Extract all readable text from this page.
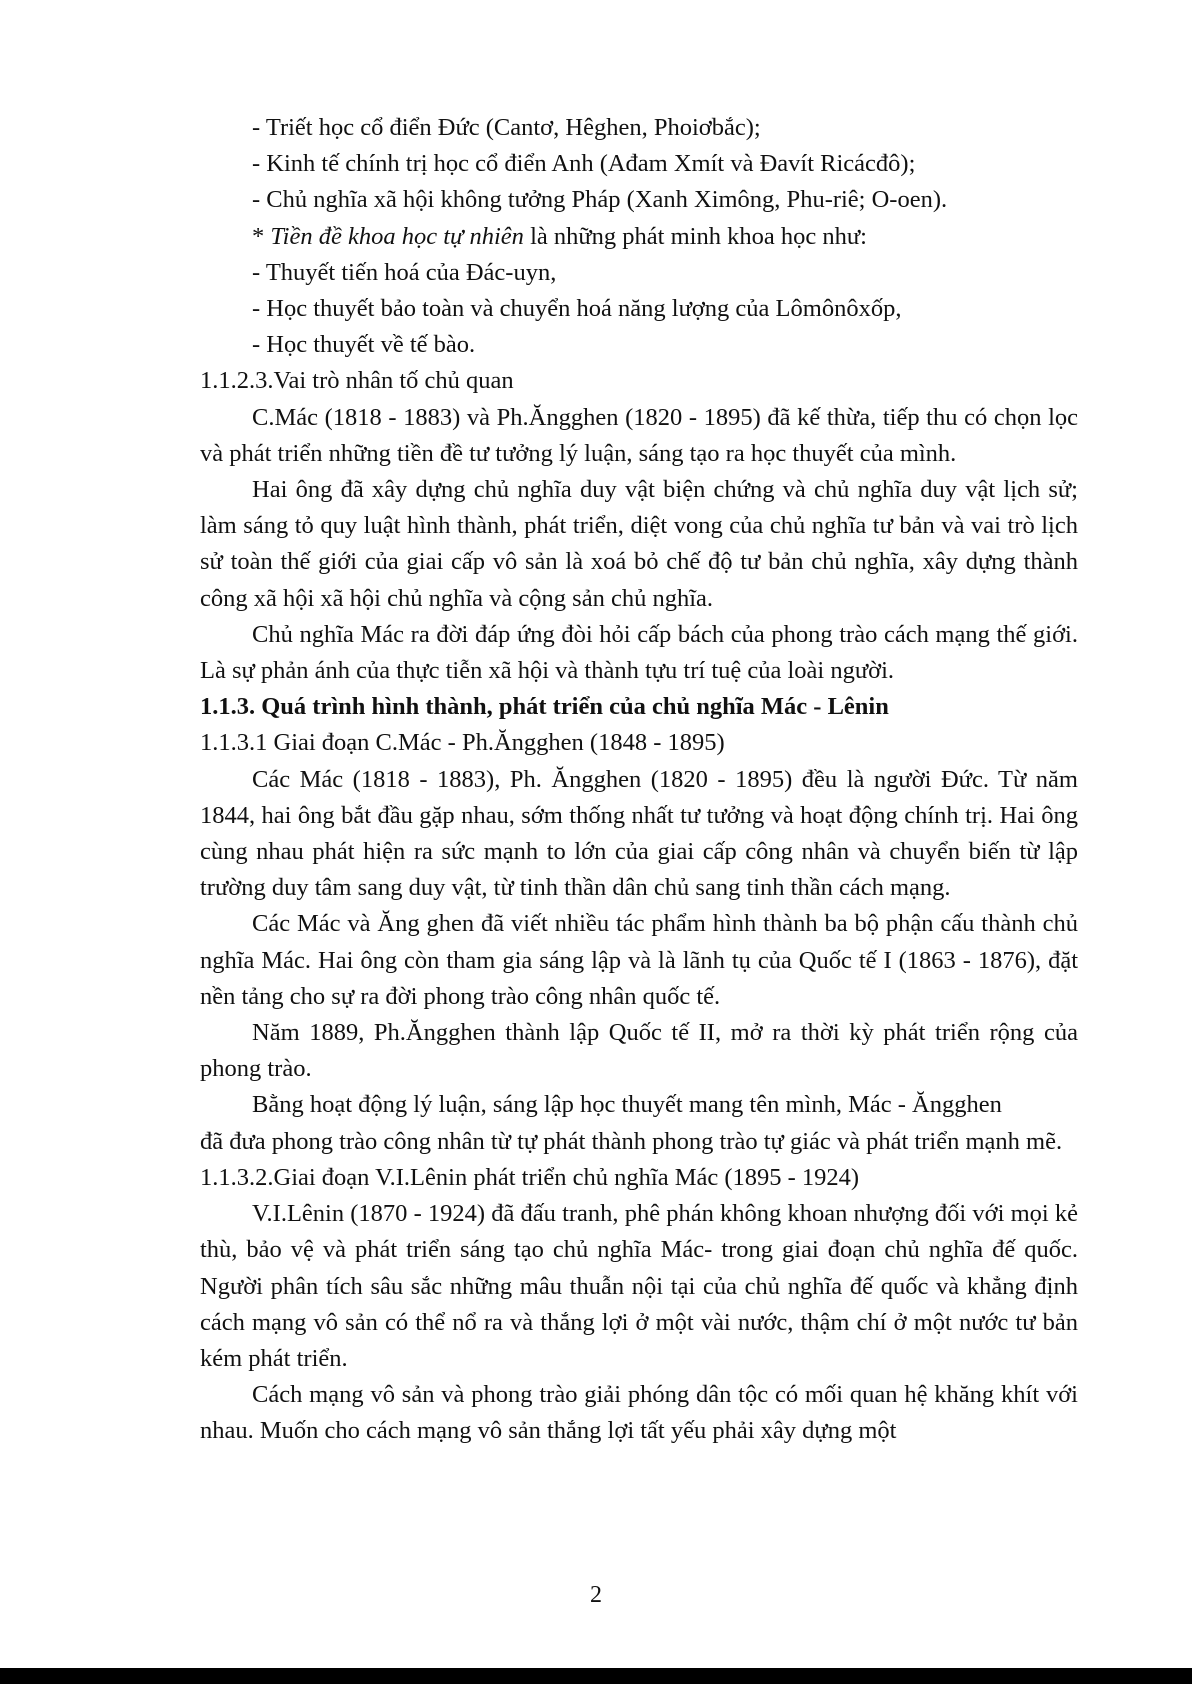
- Triết học cổ điển Đức (Cantơ, Hêghen, Phoiơbắc);

- Kinh tế chính trị học cổ điển Anh (Ađam Xmít và Đavít Ricácđô);

- Chủ nghĩa xã hội không tưởng Pháp (Xanh Ximông, Phu-riê; O-oen).

* Tiền đề khoa học tự nhiên là những phát minh khoa học như:

- Thuyết tiến hoá của Đác-uyn,

- Học thuyết bảo toàn và chuyển hoá năng lượng của Lômônôxốp,

- Học thuyết về tế bào.

1.1.2.3.Vai trò nhân tố chủ quan

C.Mác (1818 - 1883) và Ph.Ăngghen (1820 - 1895) đã kế thừa, tiếp thu có chọn lọc và phát triển những tiền đề tư tưởng lý luận, sáng tạo ra học thuyết của mình.

Hai ông đã xây dựng chủ nghĩa duy vật biện chứng và chủ nghĩa duy vật lịch sử; làm sáng tỏ quy luật hình thành, phát triển, diệt vong của chủ nghĩa tư bản và vai trò lịch sử toàn thế giới của giai cấp vô sản là xoá bỏ chế độ tư bản chủ nghĩa, xây dựng thành công xã hội xã hội chủ nghĩa và cộng sản chủ nghĩa.

Chủ nghĩa Mác ra đời đáp ứng đòi hỏi cấp bách của phong trào cách mạng thế giới. Là sự phản ánh của thực tiễn xã hội và thành tựu trí tuệ của loài người.

1.1.3. Quá trình hình thành, phát triển của chủ nghĩa Mác - Lênin

1.1.3.1 Giai đoạn C.Mác - Ph.Ăngghen (1848 - 1895)

Các Mác (1818 - 1883), Ph. Ăngghen (1820 - 1895) đều là người Đức. Từ năm 1844, hai ông bắt đầu gặp nhau, sớm thống nhất tư tưởng và hoạt động chính trị. Hai ông cùng nhau phát hiện ra sức mạnh to lớn của giai cấp công nhân và chuyển biến từ lập trường duy tâm sang duy vật, từ tinh thần dân chủ sang tinh thần cách mạng.

Các Mác và Ăng ghen đã viết nhiều tác phẩm hình thành ba bộ phận cấu thành chủ nghĩa Mác. Hai ông còn tham gia sáng lập và là lãnh tụ của Quốc tế I (1863 - 1876), đặt nền tảng cho sự ra đời phong trào công nhân quốc tế.

Năm 1889, Ph.Ăngghen thành lập Quốc tế II, mở ra thời kỳ phát triển rộng của phong trào.

Bằng hoạt động lý luận, sáng lập học thuyết mang tên mình, Mác - Ăngghen

đã đưa phong trào công nhân từ tự phát thành phong trào tự giác và phát triển mạnh mẽ.

1.1.3.2.Giai đoạn V.I.Lênin phát triển chủ nghĩa Mác (1895 - 1924)

V.I.Lênin (1870 - 1924) đã đấu tranh, phê phán không khoan nhượng đối với mọi kẻ thù, bảo vệ và phát triển sáng tạo chủ nghĩa Mác- trong giai đoạn chủ nghĩa đế quốc. Người phân tích sâu sắc những mâu thuẫn nội tại của chủ nghĩa đế quốc và khẳng định cách mạng vô sản có thể nổ ra và thắng lợi ở một vài nước, thậm chí ở một nước tư bản kém phát triển.

Cách mạng vô sản và phong trào giải phóng dân tộc có mối quan hệ khăng khít với nhau. Muốn cho cách mạng vô sản thắng lợi tất yếu phải xây dựng một

2
